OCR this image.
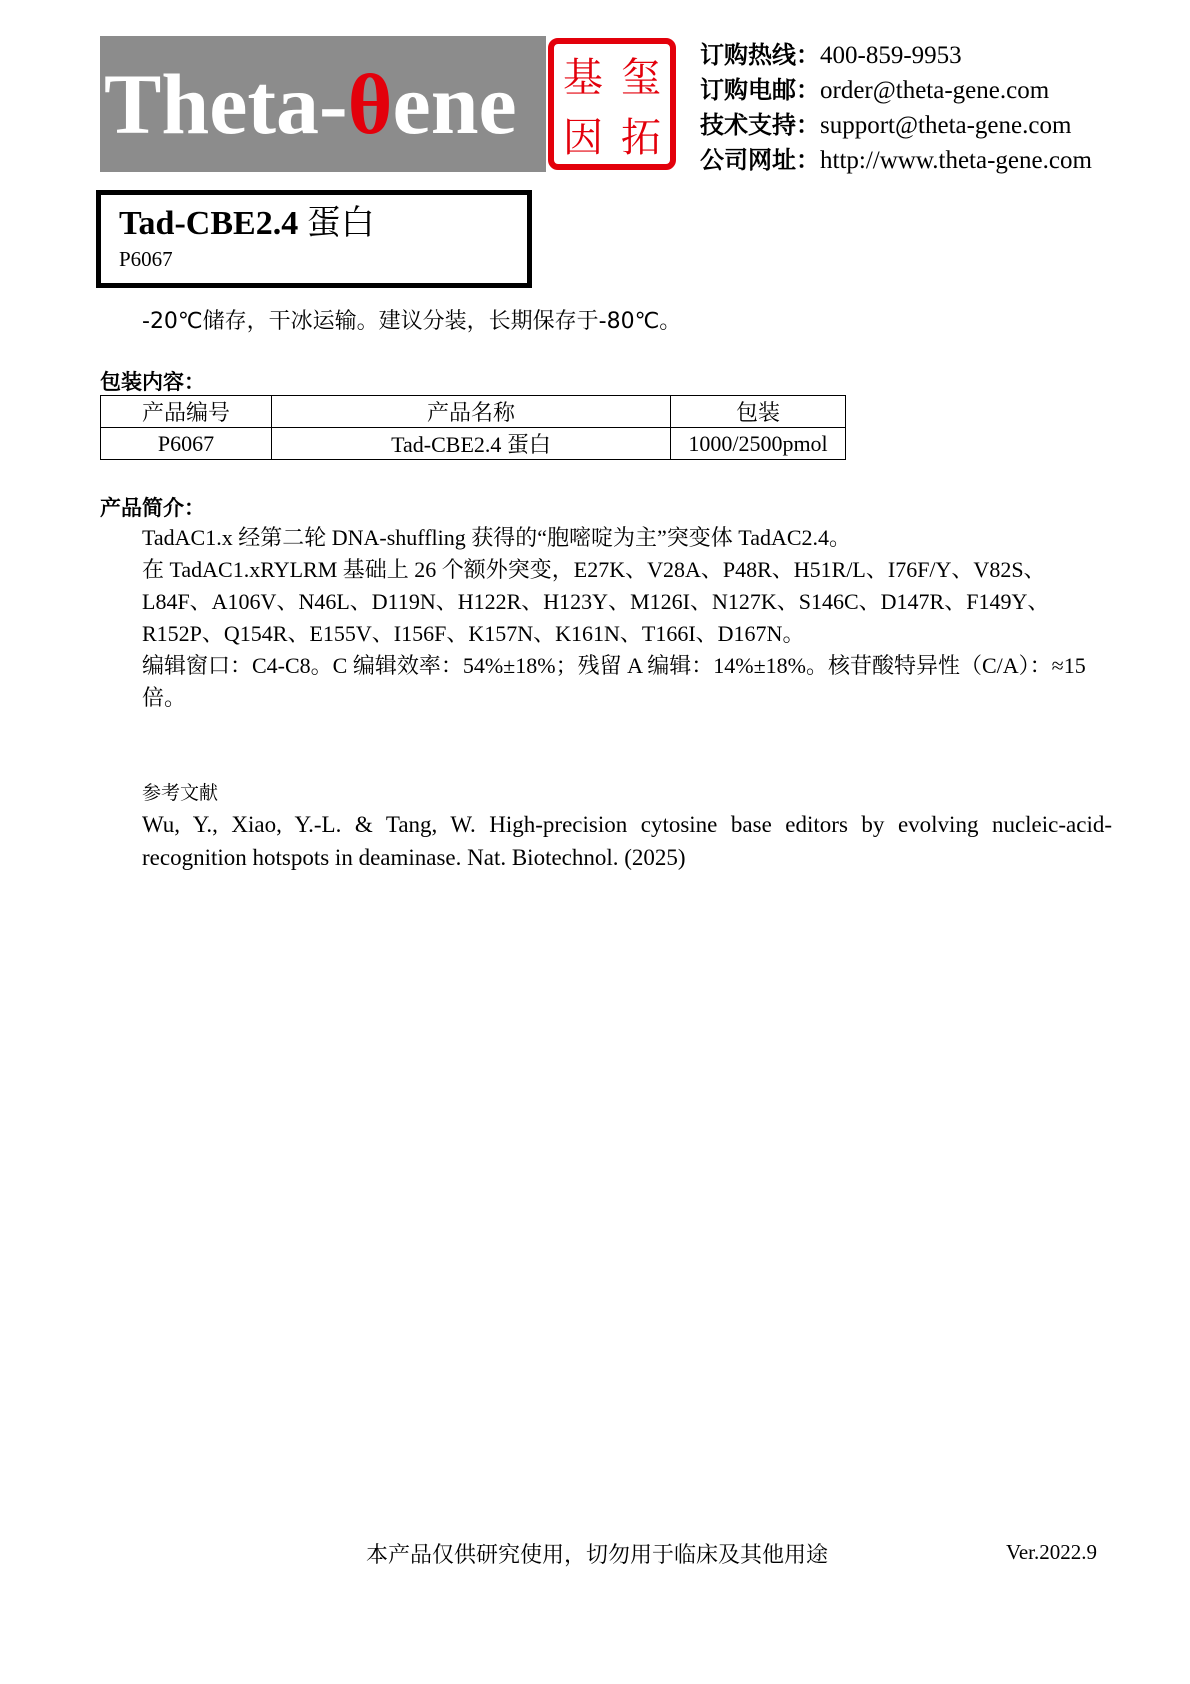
Theta-θene	基 玺
因 拓
订购热线：400-859-9953
订购电邮：order@theta-gene.com
技术支持：support@theta-gene.com
公司网址：http://www.theta-gene.com
Tad-CBE2.4 蛋白
P6067
-20℃储存，干冰运输。建议分装，长期保存于-80℃。
包装内容：
产品编号	产品名称	包装
P6067	Tad-CBE2.4 蛋白	1000/2500pmol
产品简介：
TadAC1.x 经第二轮 DNA-shuffling 获得的“胞嘧啶为主”突变体 TadAC2.4。
在 TadAC1.xRYLRM 基础上 26 个额外突变，E27K、V28A、P48R、H51R/L、I76F/Y、V82S、L84F、A106V、N46L、D119N、H122R、H123Y、M126I、N127K、S146C、D147R、F149Y、R152P、Q154R、E155V、I156F、K157N、K161N、T166I、D167N。
编辑窗口：C4-C8。C 编辑效率：54%±18%；残留 A 编辑：14%±18%。核苷酸特异性（C/A）：≈15 倍。
参考文献
Wu, Y., Xiao, Y.-L. & Tang, W. High-precision cytosine base editors by evolving nucleic-acid-recognition hotspots in deaminase. Nat. Biotechnol. (2025)
本产品仅供研究使用，切勿用于临床及其他用途	Ver.2022.9
